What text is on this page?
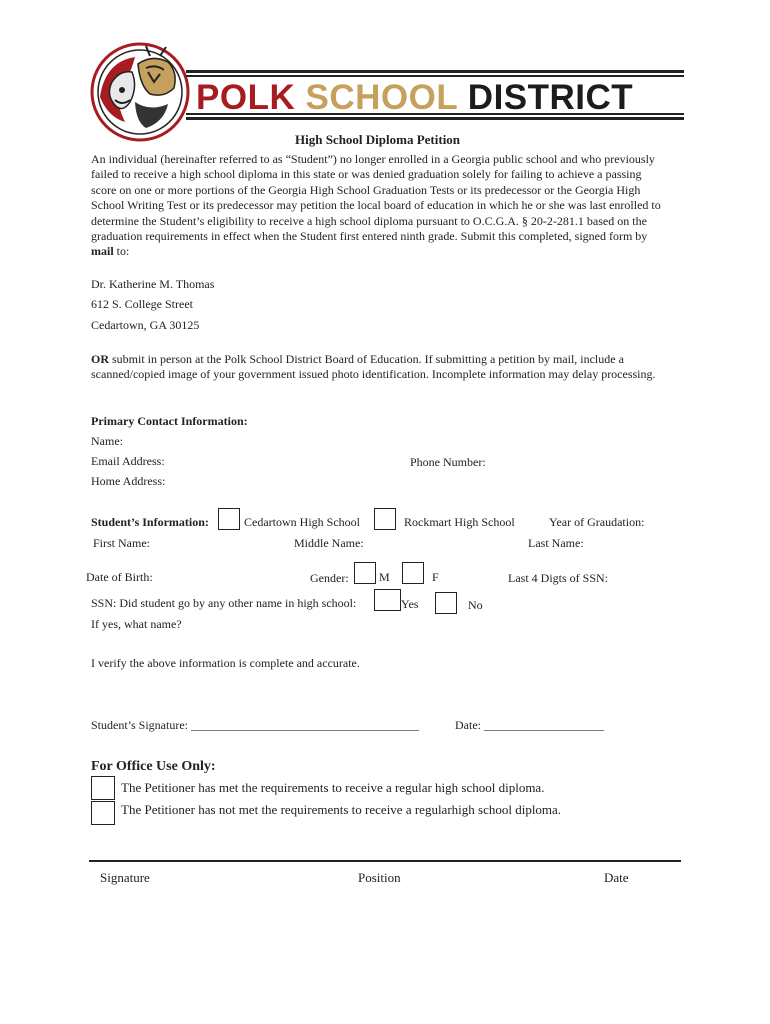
POLK SCHOOL DISTRICT
High School Diploma Petition
An individual (hereinafter referred to as “Student”) no longer enrolled in a Georgia public school and who previously failed to receive a high school diploma in this state or was denied graduation solely for failing to achieve a passing score on one or more portions of the Georgia High School Graduation Tests or its predecessor or the Georgia High School Writing Test or its predecessor may petition the local board of education in which he or she was last enrolled to determine the Student’s eligibility to receive a high school diploma pursuant to O.C.G.A. § 20-2-281.1 based on the graduation requirements in effect when the Student first entered ninth grade. Submit this completed, signed form by mail to:
Dr. Katherine M. Thomas
612 S. College Street
Cedartown, GA 30125
OR submit in person at the Polk School District Board of Education. If submitting a petition by mail, include a scanned/copied image of your government issued photo identification. Incomplete information may delay processing.
Primary Contact Information:
Name:
Email Address:	Phone Number:
Home Address:
Student’s Information:	Cedartown High School	Rockmart High School	Year of Graudation:
First Name:	Middle Name:	Last Name:
Date of Birth:	Gender:	M	F	Last 4 Digts of SSN:
SSN: Did student go by any other name in high school:	Yes	No
If yes, what name?
I verify the above information is complete and accurate.
Student’s Signature: ______________________________________	Date: ____________________
For Office Use Only:
The Petitioner has met the requirements to receive a regular high school diploma.
The Petitioner has not met the requirements to receive a regularhigh school diploma.
Signature	Position	Date
